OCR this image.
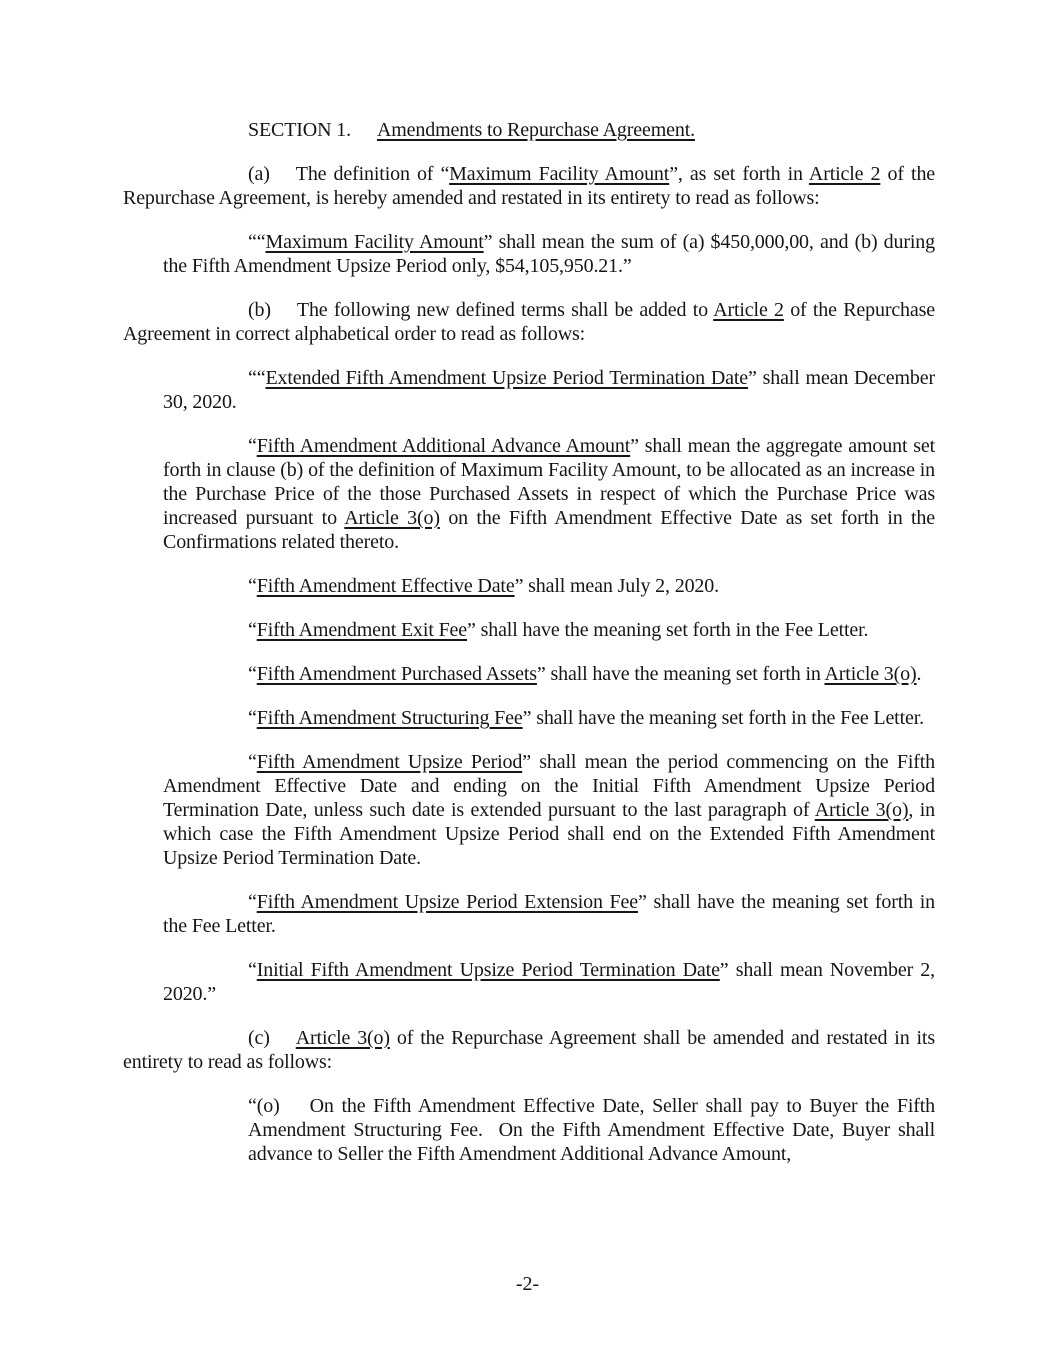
SECTION 1. Amendments to Repurchase Agreement.

(a) The definition of “Maximum Facility Amount”, as set forth in Article 2 of the Repurchase Agreement, is hereby amended and restated in its entirety to read as follows:

““Maximum Facility Amount” shall mean the sum of (a) $450,000,00, and (b) during the Fifth Amendment Upsize Period only, $54,105,950.21.”

(b) The following new defined terms shall be added to Article 2 of the Repurchase Agreement in correct alphabetical order to read as follows:

““Extended Fifth Amendment Upsize Period Termination Date” shall mean December 30, 2020.

“Fifth Amendment Additional Advance Amount” shall mean the aggregate amount set forth in clause (b) of the definition of Maximum Facility Amount, to be allocated as an increase in the Purchase Price of the those Purchased Assets in respect of which the Purchase Price was increased pursuant to Article 3(o) on the Fifth Amendment Effective Date as set forth in the Confirmations related thereto.

“Fifth Amendment Effective Date” shall mean July 2, 2020.

“Fifth Amendment Exit Fee” shall have the meaning set forth in the Fee Letter.

“Fifth Amendment Purchased Assets” shall have the meaning set forth in Article 3(o).

“Fifth Amendment Structuring Fee” shall have the meaning set forth in the Fee Letter.

“Fifth Amendment Upsize Period” shall mean the period commencing on the Fifth Amendment Effective Date and ending on the Initial Fifth Amendment Upsize Period Termination Date, unless such date is extended pursuant to the last paragraph of Article 3(o), in which case the Fifth Amendment Upsize Period shall end on the Extended Fifth Amendment Upsize Period Termination Date.

“Fifth Amendment Upsize Period Extension Fee” shall have the meaning set forth in the Fee Letter.

“Initial Fifth Amendment Upsize Period Termination Date” shall mean November 2, 2020.”

(c) Article 3(o) of the Repurchase Agreement shall be amended and restated in its entirety to read as follows:

“(o) On the Fifth Amendment Effective Date, Seller shall pay to Buyer the Fifth Amendment Structuring Fee.  On the Fifth Amendment Effective Date, Buyer shall advance to Seller the Fifth Amendment Additional Advance Amount,

-2-
